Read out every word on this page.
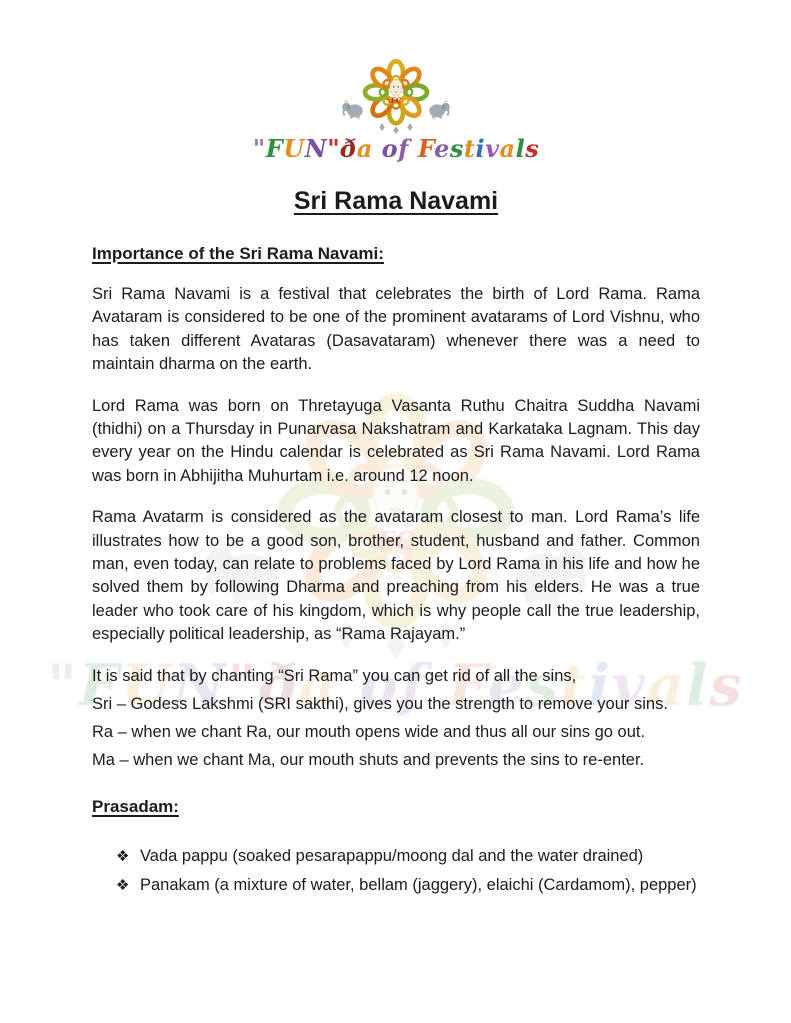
"FUN"ða of Festivals
"FUN"ða of Festivals
Sri Rama Navami
Importance of the Sri Rama Navami:

Sri Rama Navami is a festival that celebrates the birth of Lord Rama. Rama Avataram is considered to be one of the prominent avatarams of Lord Vishnu, who has taken different Avataras (Dasavataram) whenever there was a need to maintain dharma on the earth.

Lord Rama was born on Thretayuga Vasanta Ruthu Chaitra Suddha Navami (thidhi) on a Thursday in Punarvasa Nakshatram and Karkataka Lagnam. This day every year on the Hindu calendar is celebrated as Sri Rama Navami. Lord Rama was born in Abhijitha Muhurtam i.e. around 12 noon.

Rama Avatarm is considered as the avataram closest to man. Lord Rama’s life illustrates how to be a good son, brother, student, husband and father. Common man, even today, can relate to problems faced by Lord Rama in his life and how he solved them by following Dharma and preaching from his elders. He was a true leader who took care of his kingdom, which is why people call the true leadership, especially political leadership, as “Rama Rajayam.”

It is said that by chanting “Sri Rama” you can get rid of all the sins,
Sri – Godess Lakshmi (SRI sakthi), gives you the strength to remove your sins.
Ra – when we chant Ra, our mouth opens wide and thus all our sins go out.
Ma – when we chant Ma, our mouth shuts and prevents the sins to re-enter.
Prasadam:
❖ Vada pappu (soaked pesarapappu/moong dal and the water drained)
❖ Panakam (a mixture of water, bellam (jaggery), elaichi (Cardamom), pepper)
